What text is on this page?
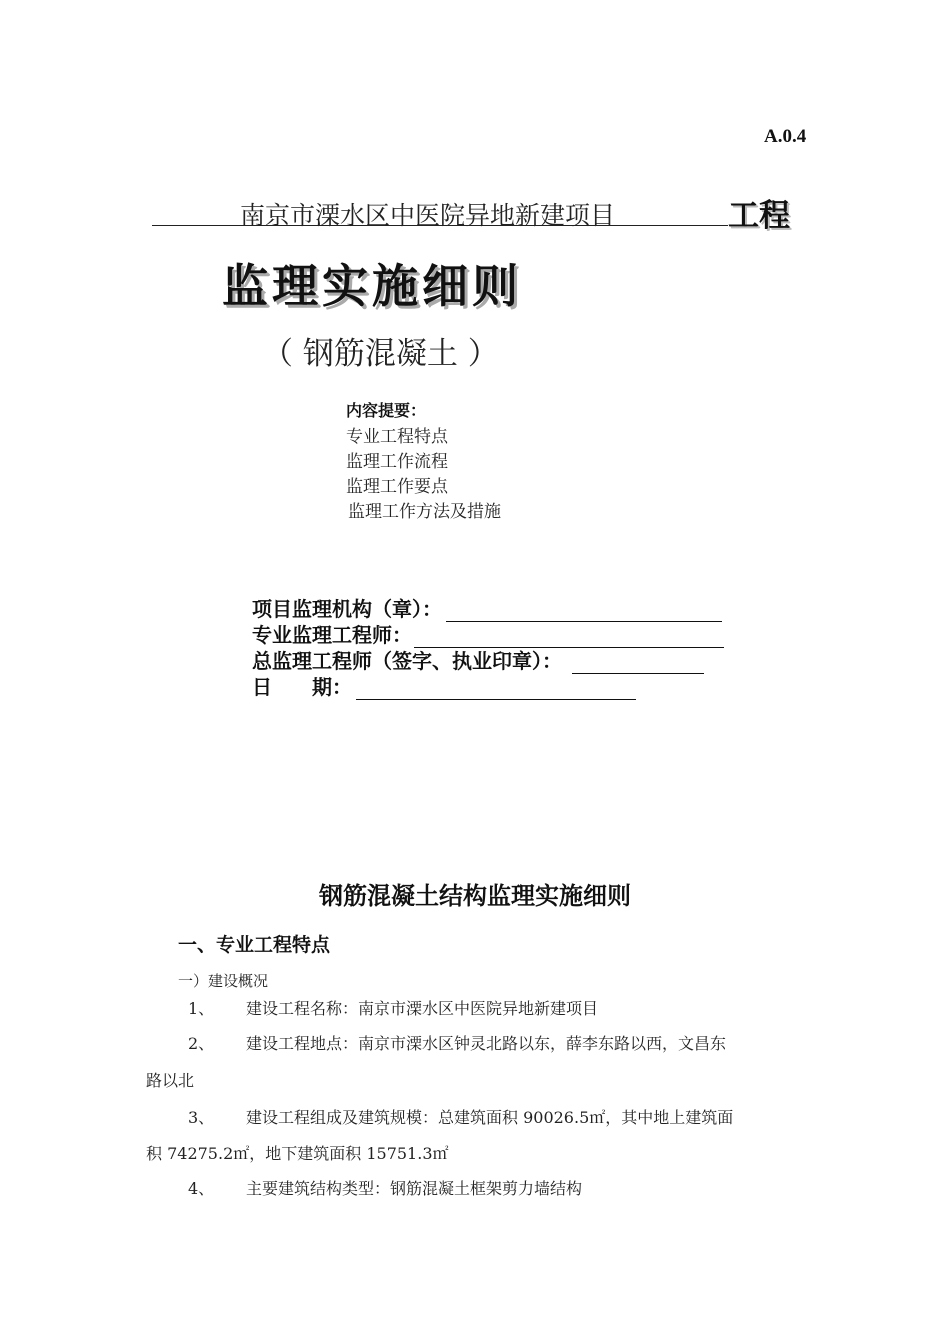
A.0.4
南京市溧水区中医院异地新建项目	工程
监理实施细则
（ 钢筋混凝土 ）
内容提要：
专业工程特点
监理工作流程
监理工作要点
监理工作方法及措施
项目监理机构（章）：
专业监理工程师：
总监理工程师（签字、执业印章）：
日　　期：
钢筋混凝土结构监理实施细则
一、专业工程特点
一）建设概况
1、 建设工程名称：南京市溧水区中医院异地新建项目
2、 建设工程地点：南京市溧水区钟灵北路以东，薛李东路以西，文昌东
路以北
3、 建设工程组成及建筑规模：总建筑面积 90026.5㎡，其中地上建筑面
积 74275.2㎡，地下建筑面积 15751.3㎡
4、 主要建筑结构类型：钢筋混凝土框架剪力墙结构
